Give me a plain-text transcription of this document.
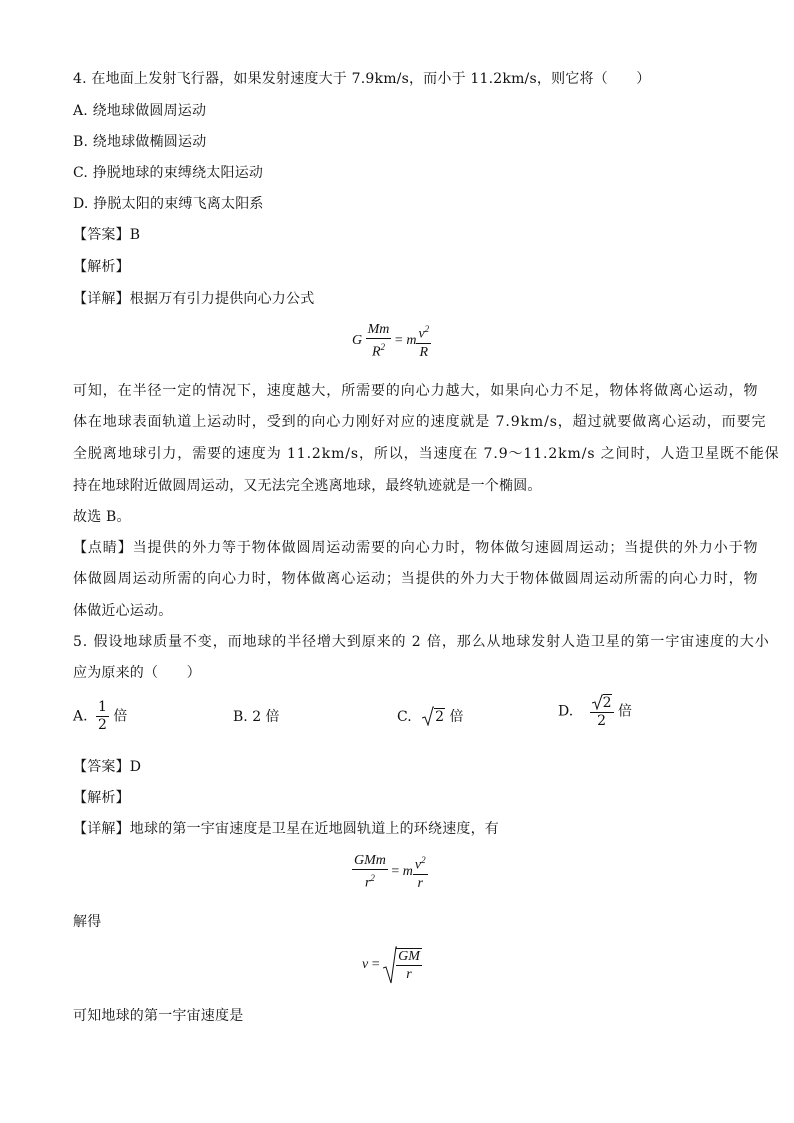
4. 在地面上发射飞行器，如果发射速度大于 7.9km/s，而小于 11.2km/s，则它将（　　）
A. 绕地球做圆周运动
B. 绕地球做椭圆运动
C. 挣脱地球的束缚绕太阳运动
D. 挣脱太阳的束缚飞离太阳系
【答案】B
【解析】
【详解】根据万有引力提供向心力公式
G $\frac{Mm}{R^2} = m \frac{v^2}{R}$
可知，在半径一定的情况下，速度越大，所需要的向心力越大，如果向心力不足，物体将做离心运动，物
体在地球表面轨道上运动时，受到的向心力刚好对应的速度就是 7.9km/s，超过就要做离心运动，而要完
全脱离地球引力，需要的速度为 11.2km/s，所以，当速度在 7.9～11.2km/s 之间时，人造卫星既不能保
持在地球附近做圆周运动，又无法完全逃离地球，最终轨迹就是一个椭圆。
故选 B。
【点睛】当提供的外力等于物体做圆周运动需要的向心力时，物体做匀速圆周运动；当提供的外力小于物
体做圆周运动所需的向心力时，物体做离心运动；当提供的外力大于物体做圆周运动所需的向心力时，物
体做近心运动。
5. 假设地球质量不变，而地球的半径增大到原来的 2 倍，那么从地球发射人造卫星的第一宇宙速度的大小
应为原来的（　　）
A. $\frac{1}{2}$ 倍	B. 2 倍	C. 2 倍	D. $\frac{2}{2}$ 倍
【答案】D
【解析】
【详解】地球的第一宇宙速度是卫星在近地圆轨道上的环绕速度，有
$\frac{\text{GMm}}{r^2} = m \frac{v^2}{r}$
解得
$v = \frac{GM}{r}$
可知地球的第一宇宙速度是
